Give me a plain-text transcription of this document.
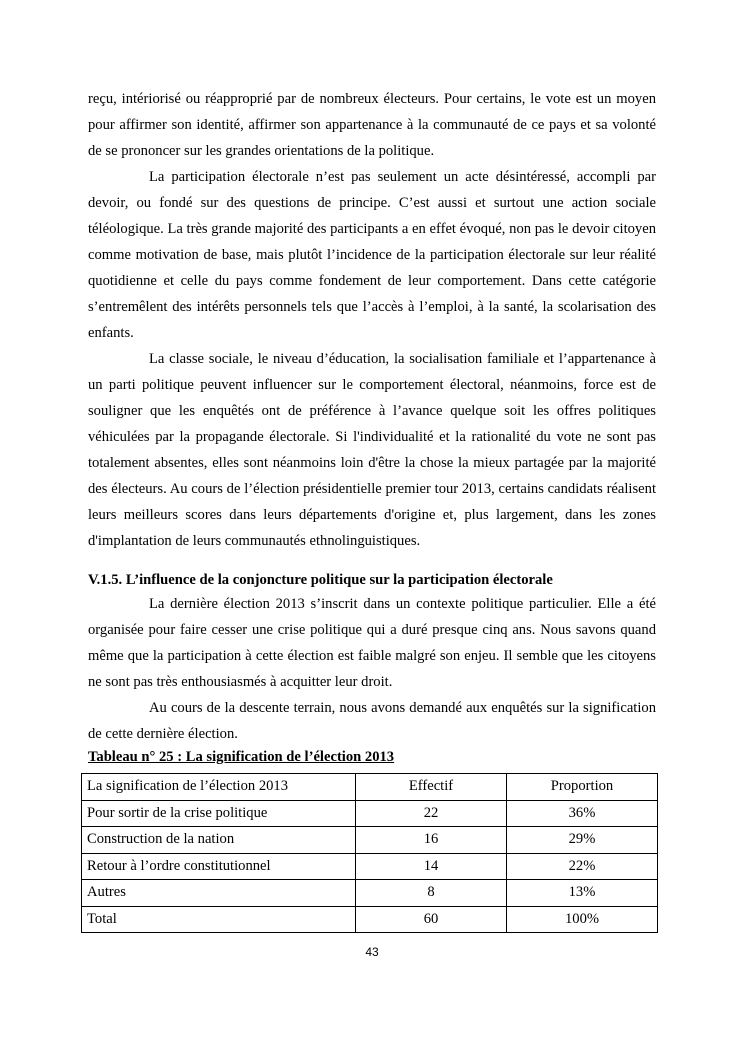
reçu, intériorisé ou réapproprié par de nombreux électeurs. Pour certains, le vote est un moyen pour affirmer son identité, affirmer son appartenance à la communauté de ce pays et sa volonté de se prononcer sur les grandes orientations de la politique.

La participation électorale n’est pas seulement un acte désintéressé, accompli par devoir, ou fondé sur des questions de principe. C’est aussi et surtout une action sociale téléologique. La très grande majorité des participants a en effet évoqué, non pas le devoir citoyen comme motivation de base, mais plutôt l’incidence de la participation électorale sur leur réalité quotidienne et celle du pays comme fondement de leur comportement. Dans cette catégorie s’entremêlent des intérêts personnels tels que l’accès à l’emploi, à la santé, la scolarisation des enfants.

La classe sociale, le niveau d’éducation, la socialisation familiale et l’appartenance à un parti politique peuvent influencer sur le comportement électoral, néanmoins, force est de souligner que les enquêtés ont de préférence à l’avance quelque soit les offres politiques véhiculées par la propagande électorale. Si l'individualité et la rationalité du vote ne sont pas totalement absentes, elles sont néanmoins loin d'être la chose la mieux partagée par la majorité des électeurs. Au cours de l’élection présidentielle premier tour 2013, certains candidats réalisent leurs meilleurs scores dans leurs départements d'origine et, plus largement, dans les zones d'implantation de leurs communautés ethnolinguistiques.

V.1.5. L’influence de la conjoncture politique sur la participation électorale

La dernière élection 2013 s’inscrit dans un contexte politique particulier. Elle a été organisée pour faire cesser une crise politique qui a duré presque cinq ans. Nous savons quand même que la participation à cette élection est faible malgré son enjeu. Il semble que les citoyens ne sont pas très enthousiasmés à acquitter leur droit.

Au cours de la descente terrain, nous avons demandé aux enquêtés sur la signification de cette dernière élection.

Tableau n° 25 : La signification de l’élection 2013

La signification de l’élection 2013	Effectif	Proportion
Pour sortir de la crise politique	22	36%
Construction de la nation	16	29%
Retour à l’ordre constitutionnel	14	22%
Autres	8	13%
Total	60	100%
43
